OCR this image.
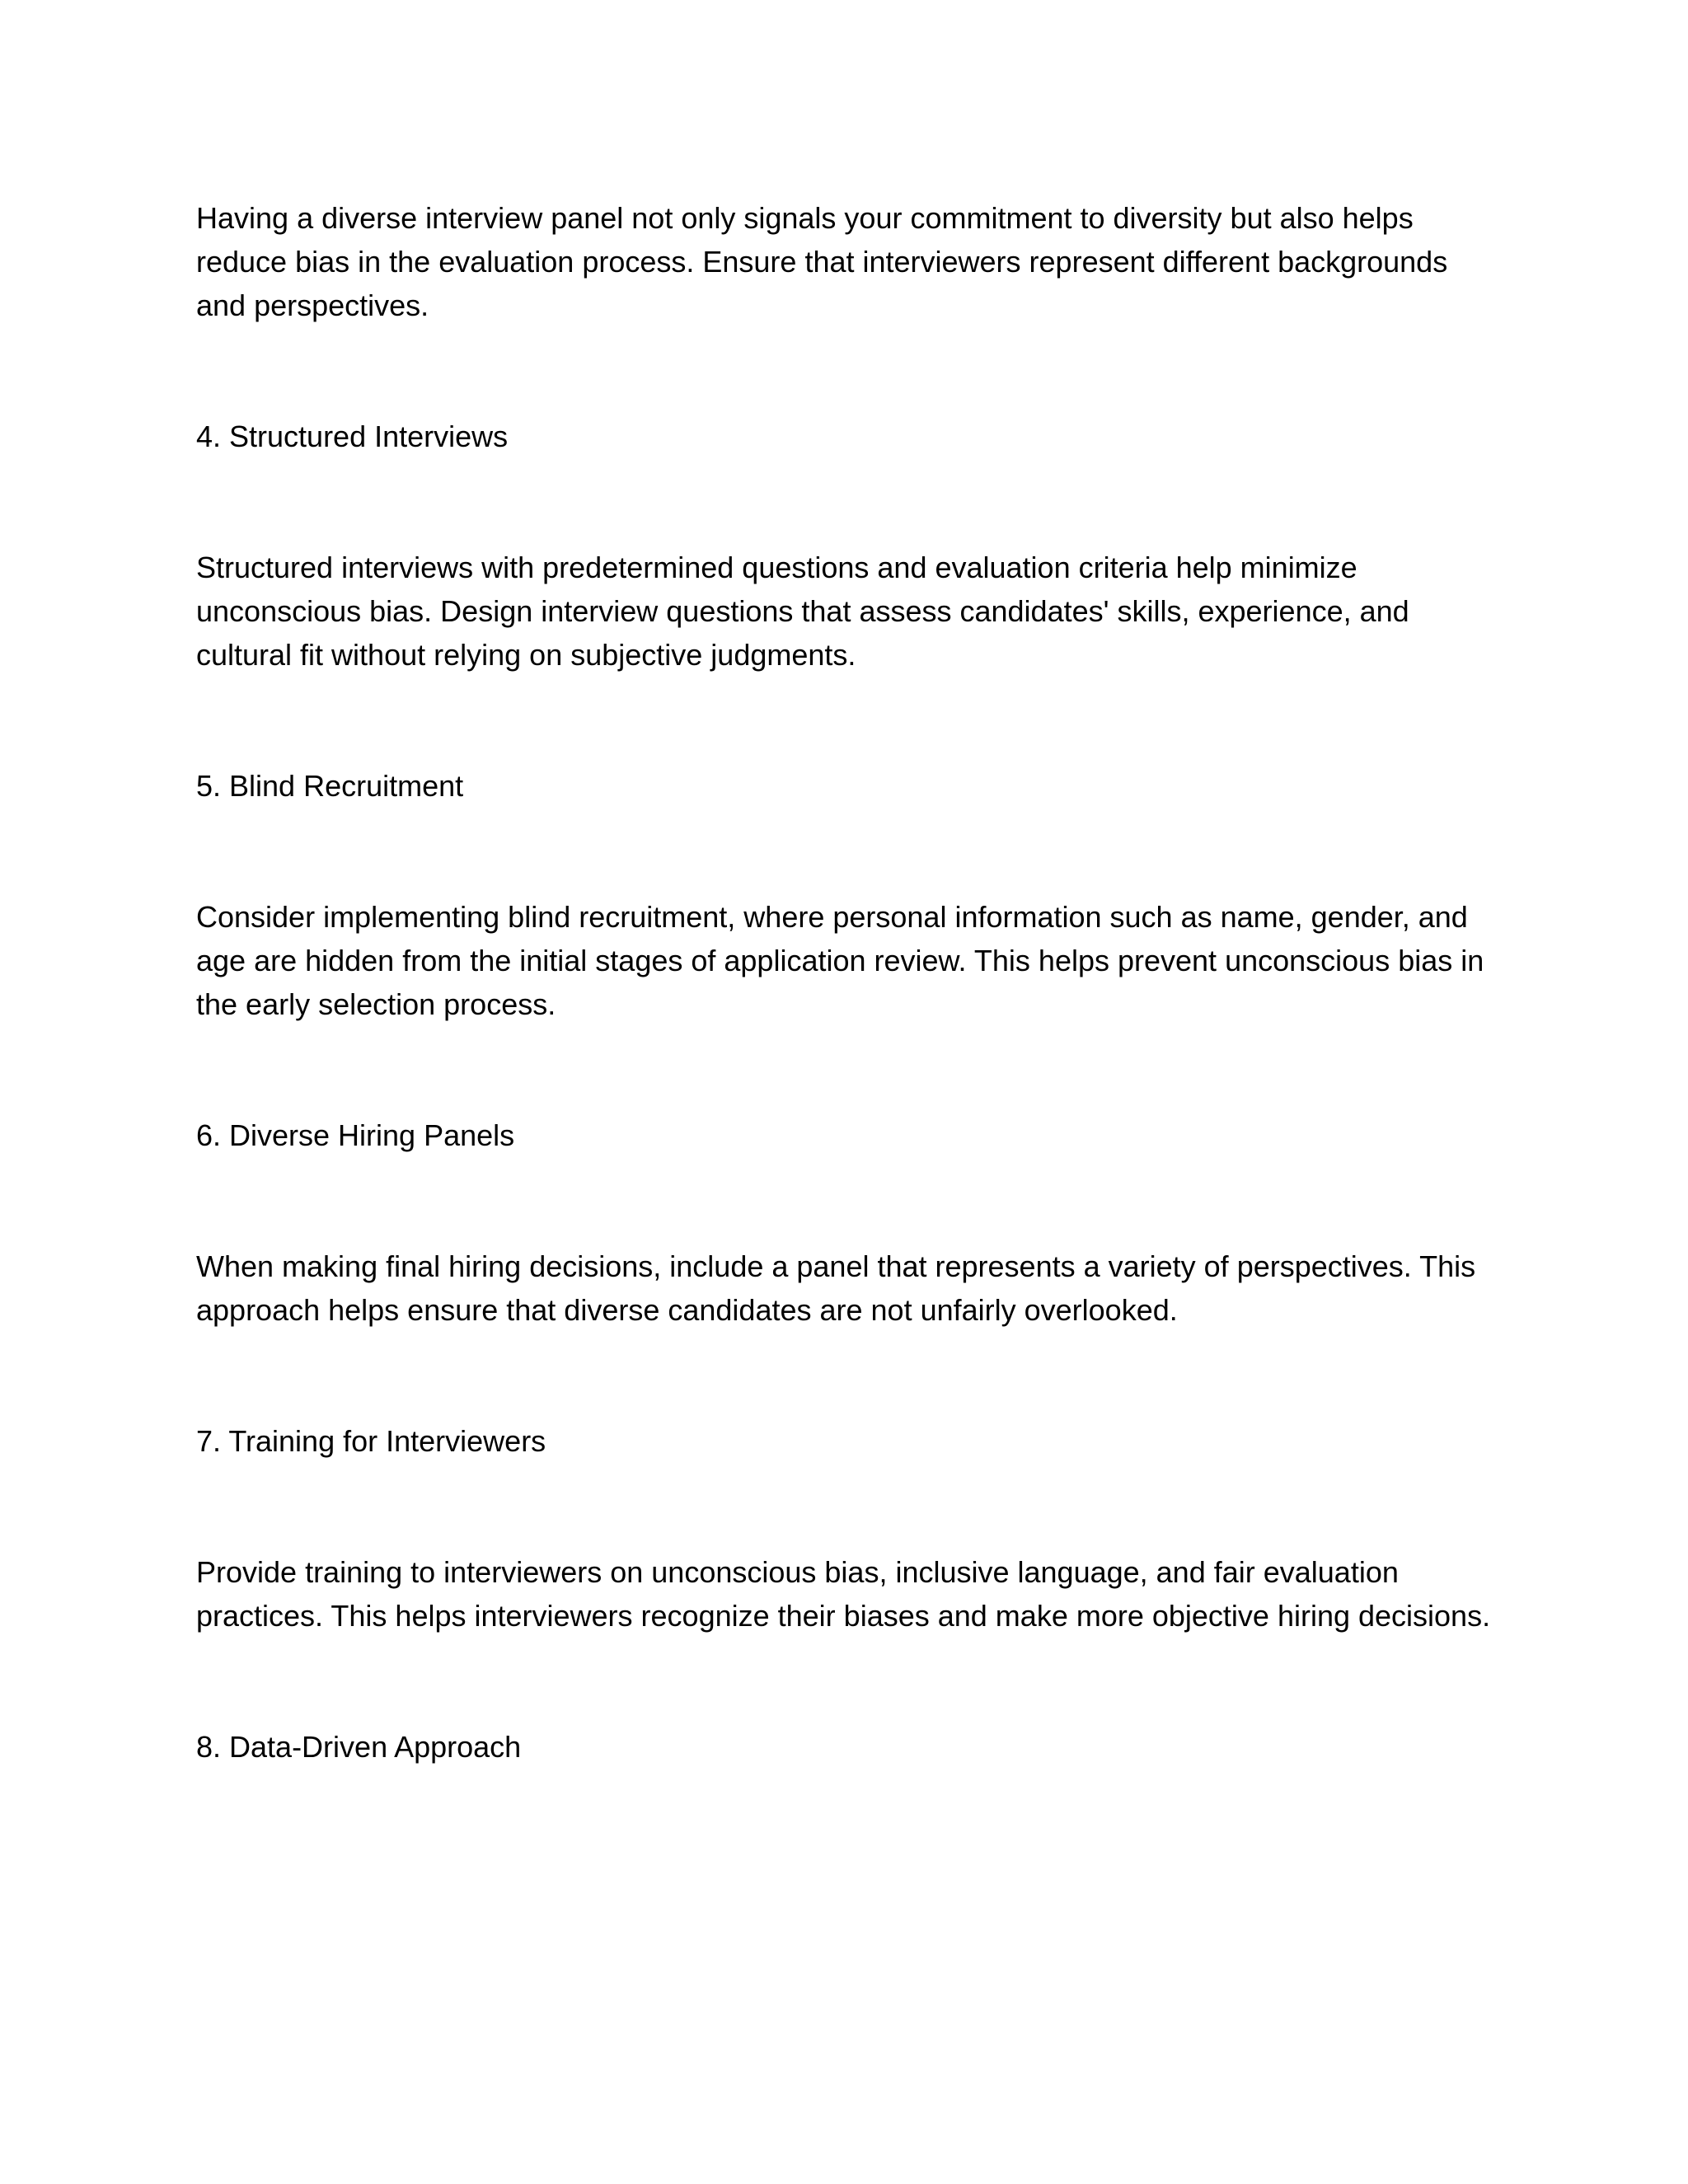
Having a diverse interview panel not only signals your commitment to diversity but also helps reduce bias in the evaluation process. Ensure that interviewers represent different backgrounds and perspectives.

4. Structured Interviews

Structured interviews with predetermined questions and evaluation criteria help minimize unconscious bias. Design interview questions that assess candidates' skills, experience, and cultural fit without relying on subjective judgments.

5. Blind Recruitment

Consider implementing blind recruitment, where personal information such as name, gender, and age are hidden from the initial stages of application review. This helps prevent unconscious bias in the early selection process.

6. Diverse Hiring Panels

When making final hiring decisions, include a panel that represents a variety of perspectives. This approach helps ensure that diverse candidates are not unfairly overlooked.

7. Training for Interviewers

Provide training to interviewers on unconscious bias, inclusive language, and fair evaluation practices. This helps interviewers recognize their biases and make more objective hiring decisions.

8. Data-Driven Approach
